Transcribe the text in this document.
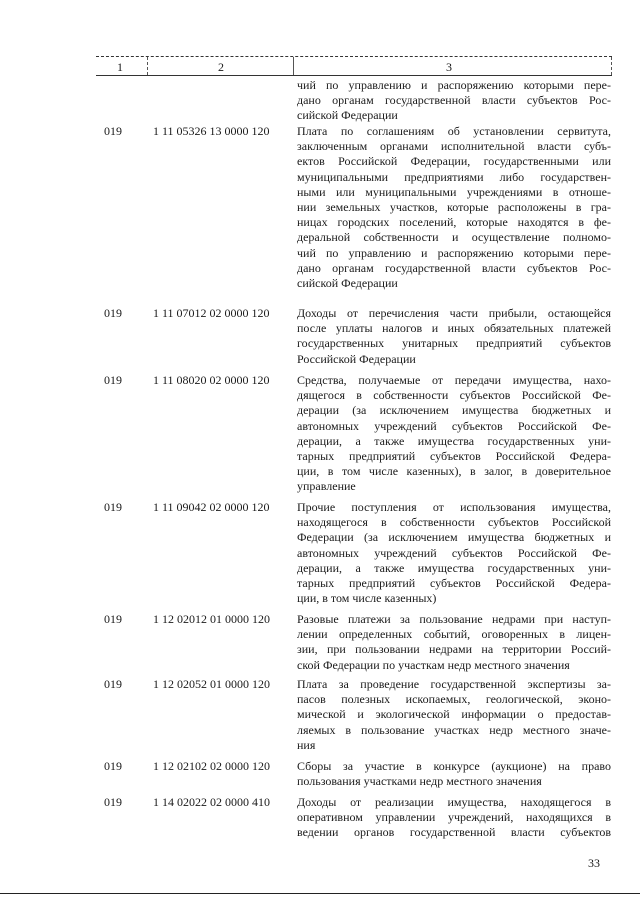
1	2	3
чий по управлению и распоряжению которыми пере-
дано органам государственной власти субъектов Рос-
сийской Федерации
019	1 11 05326 13 0000 120	Плата по соглашениям об установлении сервитута,
заключенным органами исполнительной власти субъ-
ектов Российской Федерации, государственными или
муниципальными предприятиями либо государствен-
ными или муниципальными учреждениями в отноше-
нии земельных участков, которые расположены в гра-
ницах городских поселений, которые находятся в фе-
деральной собственности и осуществление полномо-
чий по управлению и распоряжению которыми пере-
дано органам государственной власти субъектов Рос-
сийской Федерации
019	1 11 07012 02 0000 120	Доходы от перечисления части прибыли, остающейся
после уплаты налогов и иных обязательных платежей
государственных унитарных предприятий субъектов
Российской Федерации
019	1 11 08020 02 0000 120	Средства, получаемые от передачи имущества, нахо-
дящегося в собственности субъектов Российской Фе-
дерации (за исключением имущества бюджетных и
автономных учреждений субъектов Российской Фе-
дерации, а также имущества государственных уни-
тарных предприятий субъектов Российской Федера-
ции, в том числе казенных), в залог, в доверительное
управление
019	1 11 09042 02 0000 120	Прочие поступления от использования имущества,
находящегося в собственности субъектов Российской
Федерации (за исключением имущества бюджетных и
автономных учреждений субъектов Российской Фе-
дерации, а также имущества государственных уни-
тарных предприятий субъектов Российской Федера-
ции, в том числе казенных)
019	1 12 02012 01 0000 120	Разовые платежи за пользование недрами при наступ-
лении определенных событий, оговоренных в лицен-
зии, при пользовании недрами на территории Россий-
ской Федерации по участкам недр местного значения
019	1 12 02052 01 0000 120	Плата за проведение государственной экспертизы за-
пасов полезных ископаемых, геологической, эконо-
мической и экологической информации о предостав-
ляемых в пользование участках недр местного значе-
ния
019	1 12 02102 02 0000 120	Сборы за участие в конкурсе (аукционе) на право
пользования участками недр местного значения
019	1 14 02022 02 0000 410	Доходы от реализации имущества, находящегося в
оперативном управлении учреждений, находящихся в
ведении органов государственной власти субъектов
33
